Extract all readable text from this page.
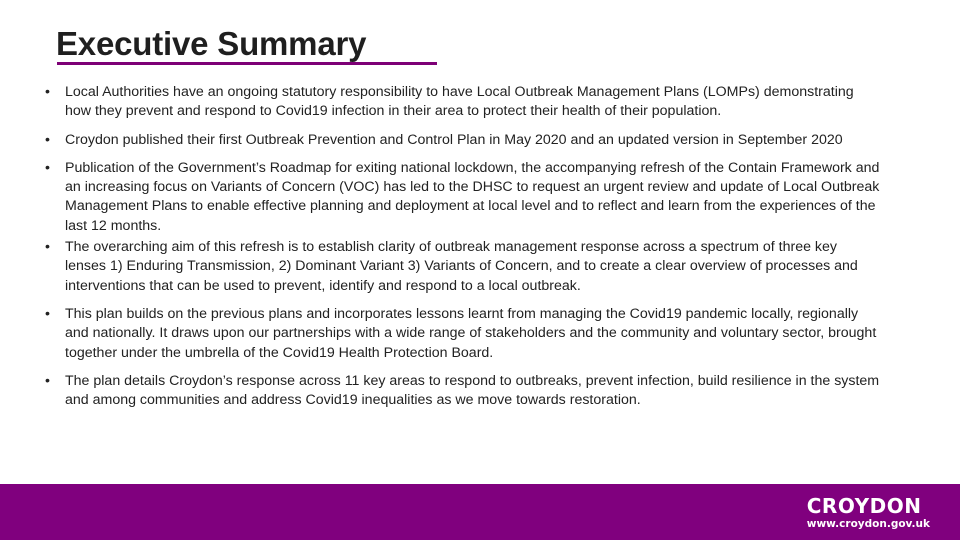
Executive Summary
• Local Authorities have an ongoing statutory responsibility to have Local Outbreak Management Plans (LOMPs) demonstrating how they prevent and respond to Covid19 infection in their area to protect their health of their population.
• Croydon published their first Outbreak Prevention and Control Plan in May 2020 and an updated version in September 2020
• Publication of the Government’s Roadmap for exiting national lockdown, the accompanying refresh of the Contain Framework and an increasing focus on Variants of Concern (VOC) has led to the DHSC to request an urgent review and update of Local Outbreak Management Plans to enable effective planning and deployment at local level and to reflect and learn from the experiences of the last 12 months.
• The overarching aim of this refresh is to establish clarity of outbreak management response across a spectrum of three key lenses 1) Enduring Transmission, 2) Dominant Variant 3) Variants of Concern, and to create a clear overview of processes and interventions that can be used to prevent, identify and respond to a local outbreak.
• This plan builds on the previous plans and incorporates lessons learnt from managing the Covid19 pandemic locally, regionally and nationally. It draws upon our partnerships with a wide range of stakeholders and the community and voluntary sector, brought together under the umbrella of the Covid19 Health Protection Board.
• The plan details Croydon’s response across 11 key areas to respond to outbreaks, prevent infection, build resilience in the system and among communities and address Covid19 inequalities as we move towards restoration.
CROYDON
www.croydon.gov.uk
